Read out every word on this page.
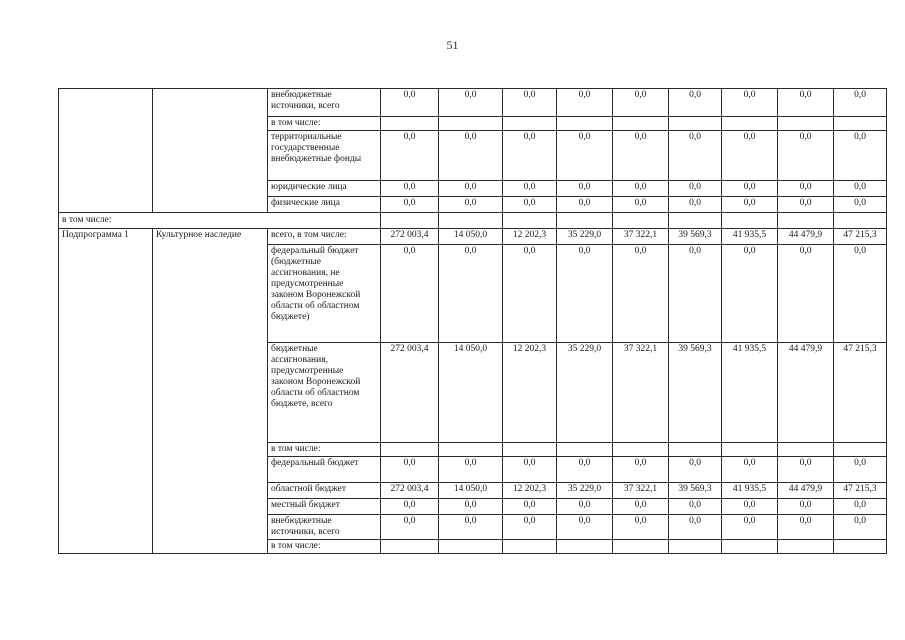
51
		внебюджетные источники, всего	0,0	0,0	0,0	0,0	0,0	0,0	0,0	0,0	0,0
		в том числе:									
		территориальные государственные внебюджетные фонды	0,0	0,0	0,0	0,0	0,0	0,0	0,0	0,0	0,0
		юридические лица	0,0	0,0	0,0	0,0	0,0	0,0	0,0	0,0	0,0
		физические лица	0,0	0,0	0,0	0,0	0,0	0,0	0,0	0,0	0,0
в том числе:											
Подпрограмма 1	Культурное наследие	всего, в том числе:	272 003,4	14 050,0	12 202,3	35 229,0	37 322,1	39 569,3	41 935,5	44 479,9	47 215,3
		федеральный бюджет (бюджетные ассигнования, не предусмотренные законом Воронежской области об областном бюджете)	0,0	0,0	0,0	0,0	0,0	0,0	0,0	0,0	0,0
		бюджетные ассигнования, предусмотренные законом Воронежской области об областном бюджете, всего	272 003,4	14 050,0	12 202,3	35 229,0	37 322,1	39 569,3	41 935,5	44 479,9	47 215,3
		в том числе:									
		федеральный бюджет	0,0	0,0	0,0	0,0	0,0	0,0	0,0	0,0	0,0
		областной бюджет	272 003,4	14 050,0	12 202,3	35 229,0	37 322,1	39 569,3	41 935,5	44 479,9	47 215,3
		местный бюджет	0,0	0,0	0,0	0,0	0,0	0,0	0,0	0,0	0,0
		внебюджетные источники, всего	0,0	0,0	0,0	0,0	0,0	0,0	0,0	0,0	0,0
		в том числе:									
